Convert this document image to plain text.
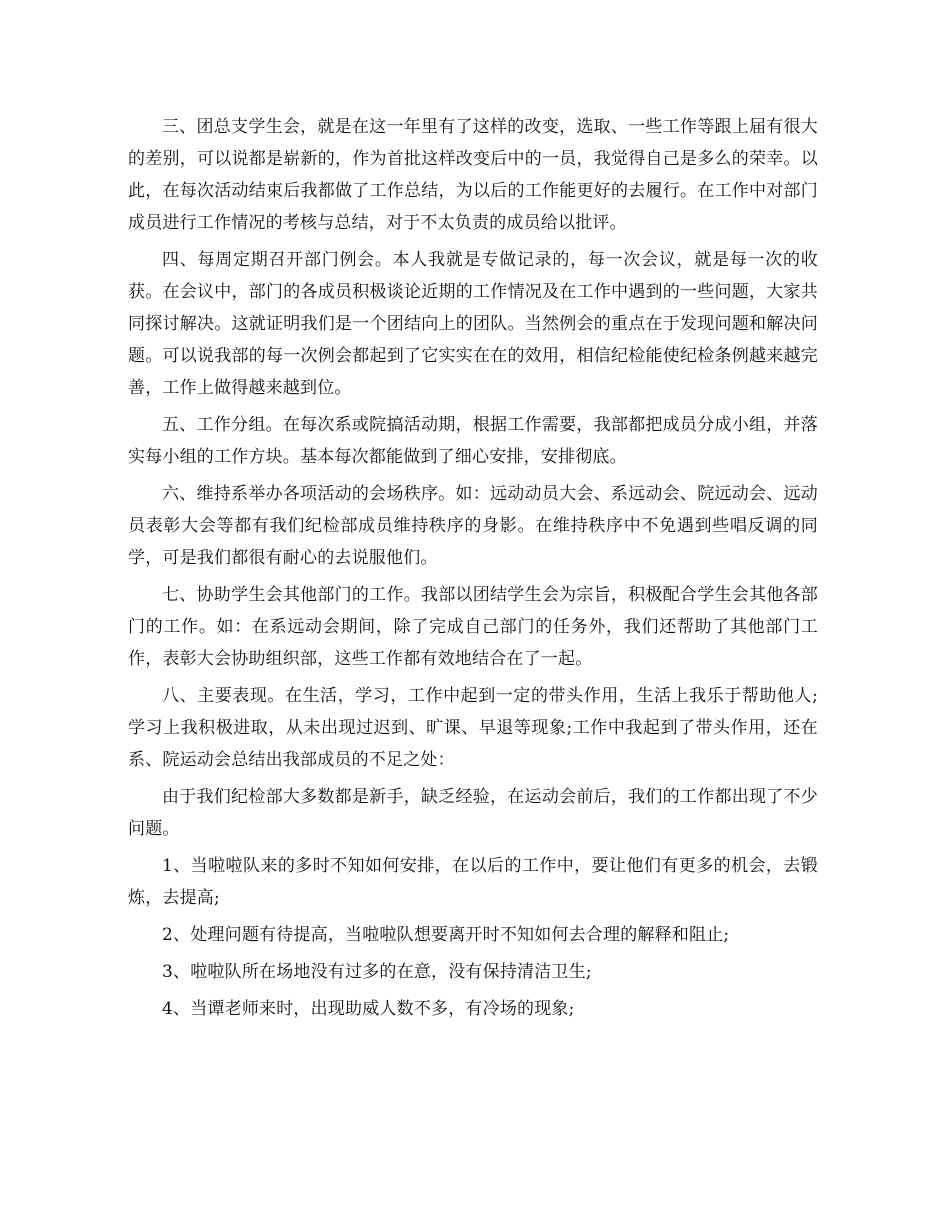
三、团总支学生会，就是在这一年里有了这样的改变，选取、一些工作等跟上届有很大的差别，可以说都是崭新的，作为首批这样改变后中的一员，我觉得自己是多么的荣幸。以此，在每次活动结束后我都做了工作总结，为以后的工作能更好的去履行。在工作中对部门成员进行工作情况的考核与总结，对于不太负责的成员给以批评。

四、每周定期召开部门例会。本人我就是专做记录的，每一次会议，就是每一次的收获。在会议中，部门的各成员积极谈论近期的工作情况及在工作中遇到的一些问题，大家共同探讨解决。这就证明我们是一个团结向上的团队。当然例会的重点在于发现问题和解决问题。可以说我部的每一次例会都起到了它实实在在的效用，相信纪检能使纪检条例越来越完善，工作上做得越来越到位。

五、工作分组。在每次系或院搞活动期，根据工作需要，我部都把成员分成小组，并落实每小组的工作方块。基本每次都能做到了细心安排，安排彻底。

六、维持系举办各项活动的会场秩序。如：远动动员大会、系远动会、院远动会、远动员表彰大会等都有我们纪检部成员维持秩序的身影。在维持秩序中不免遇到些唱反调的同学，可是我们都很有耐心的去说服他们。

七、协助学生会其他部门的工作。我部以团结学生会为宗旨，积极配合学生会其他各部门的工作。如：在系远动会期间，除了完成自己部门的任务外，我们还帮助了其他部门工作，表彰大会协助组织部，这些工作都有效地结合在了一起。

八、主要表现。在生活，学习，工作中起到一定的带头作用，生活上我乐于帮助他人;学习上我积极进取，从未出现过迟到、旷课、早退等现象;工作中我起到了带头作用，还在系、院运动会总结出我部成员的不足之处：

由于我们纪检部大多数都是新手，缺乏经验，在运动会前后，我们的工作都出现了不少问题。

1、当啦啦队来的多时不知如何安排，在以后的工作中，要让他们有更多的机会，去锻炼，去提高;

2、处理问题有待提高，当啦啦队想要离开时不知如何去合理的解释和阻止;

3、啦啦队所在场地没有过多的在意，没有保持清洁卫生;

4、当谭老师来时，出现助威人数不多，有冷场的现象;
